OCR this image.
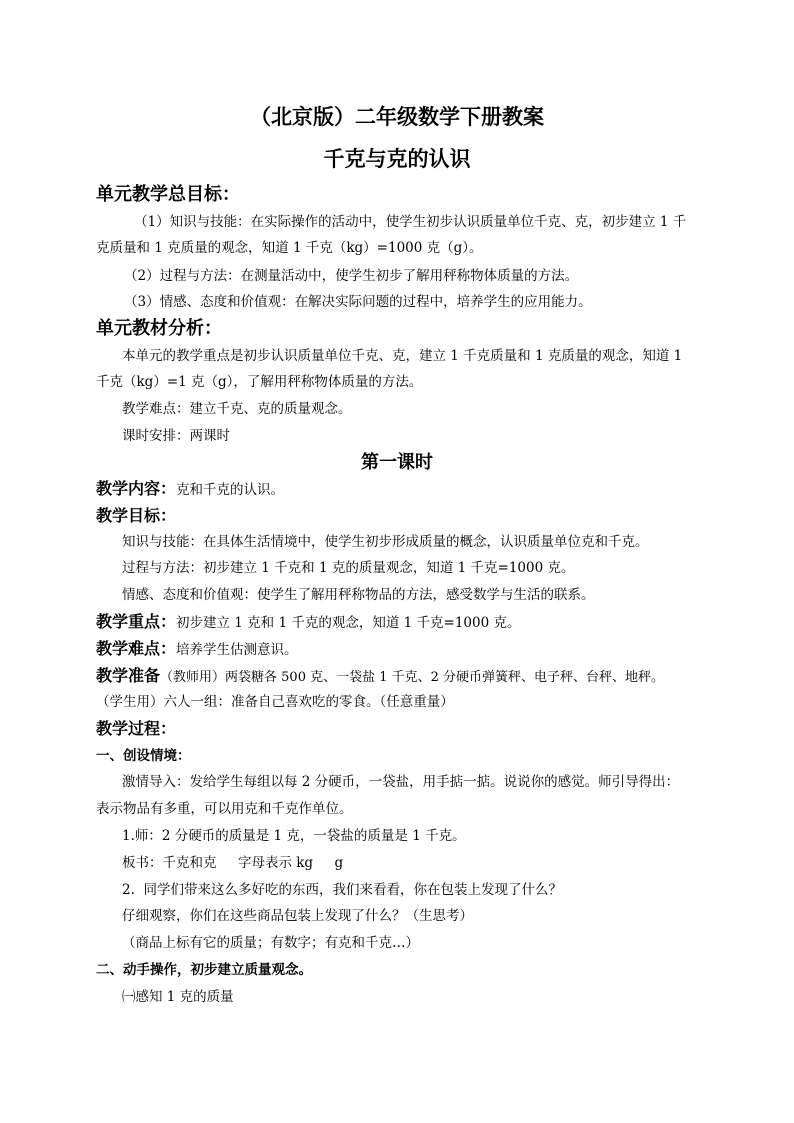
（北京版）二年级数学下册教案
千克与克的认识
单元教学总目标：
（1）知识与技能：在实际操作的活动中，使学生初步认识质量单位千克、克，初步建立 1 千
克质量和 1 克质量的观念，知道 1 千克（kg）=1000 克（g）。
（2）过程与方法：在测量活动中，使学生初步了解用秤称物体质量的方法。
（3）情感、态度和价值观：在解决实际问题的过程中，培养学生的应用能力。
单元教材分析：
本单元的教学重点是初步认识质量单位千克、克，建立 1 千克质量和 1 克质量的观念，知道 1
千克（kg）=1 克（g），了解用秤称物体质量的方法。
教学难点：建立千克、克的质量观念。
课时安排：两课时
第一课时
教学内容：克和千克的认识。
教学目标：
知识与技能：在具体生活情境中，使学生初步形成质量的概念，认识质量单位克和千克。
过程与方法：初步建立 1 千克和 1 克的质量观念，知道 1 千克=1000 克。
情感、态度和价值观：使学生了解用秤称物品的方法，感受数学与生活的联系。
教学重点：初步建立 1 克和 1 千克的观念，知道 1 千克=1000 克。
教学难点：培养学生估测意识。
教学准备（教师用）两袋糖各 500 克、一袋盐 1 千克、2 分硬币弹簧秤、电子秤、台秤、地秤。
（学生用）六人一组：准备自己喜欢吃的零食。（任意重量）
教学过程：
一、创设情境：
激情导入：发给学生每组以每 2 分硬币，一袋盐，用手掂一掂。说说你的感觉。师引导得出：
表示物品有多重，可以用克和千克作单位。
1.师：2 分硬币的质量是 1 克，一袋盐的质量是 1 千克。
板书：千克和克     字母表示 kg     g
2.  同学们带来这么多好吃的东西，我们来看看，你在包装上发现了什么？
仔细观察，你们在这些商品包装上发现了什么？（生思考）
（商品上标有它的质量；有数字；有克和千克…）
二、动手操作，初步建立质量观念。
㈠感知 1 克的质量
